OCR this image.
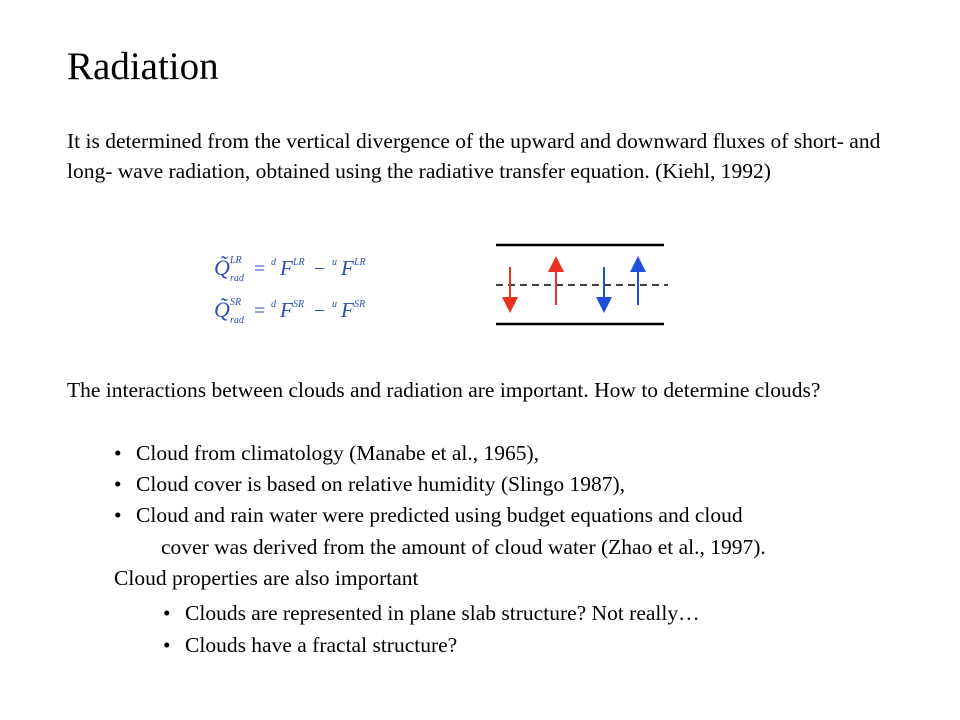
Radiation

It is determined from the vertical divergence of the upward and downward fluxes of short- and long- wave radiation, obtained using the radiative transfer equation. (Kiehl, 1992)

Q̃ LR
rad = d F LR − u F LR
Q̃ SR
rad = d F SR − u F SR

The interactions between clouds and radiation are important. How to determine clouds?

• Cloud from climatology (Manabe et al., 1965),
• Cloud cover is based on relative humidity (Slingo 1987),
• Cloud and rain water were predicted using budget equations and cloud
cover was derived from the amount of cloud water (Zhao et al., 1997).
Cloud properties are also important
• Clouds are represented in plane slab structure? Not really…
• Clouds have a fractal structure?
